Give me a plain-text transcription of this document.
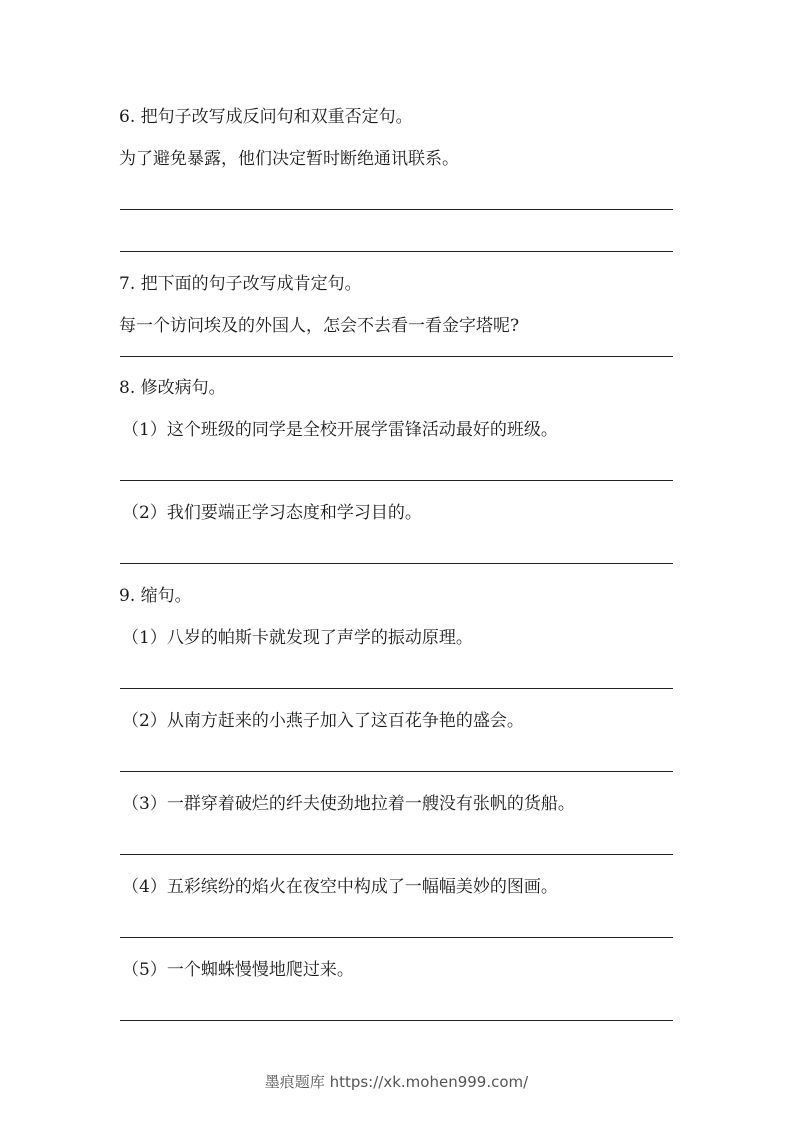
6. 把句子改写成反问句和双重否定句。
为了避免暴露，他们决定暂时断绝通讯联系。
7. 把下面的句子改写成肯定句。
每一个访问埃及的外国人，怎会不去看一看金字塔呢?
8. 修改病句。
（1）这个班级的同学是全校开展学雷锋活动最好的班级。
（2）我们要端正学习态度和学习目的。
9. 缩句。
（1）八岁的帕斯卡就发现了声学的振动原理。
（2）从南方赶来的小燕子加入了这百花争艳的盛会。
（3）一群穿着破烂的纤夫使劲地拉着一艘没有张帆的货船。
（4）五彩缤纷的焰火在夜空中构成了一幅幅美妙的图画。
（5）一个蜘蛛慢慢地爬过来。
墨痕题库 https://xk.mohen999.com/
